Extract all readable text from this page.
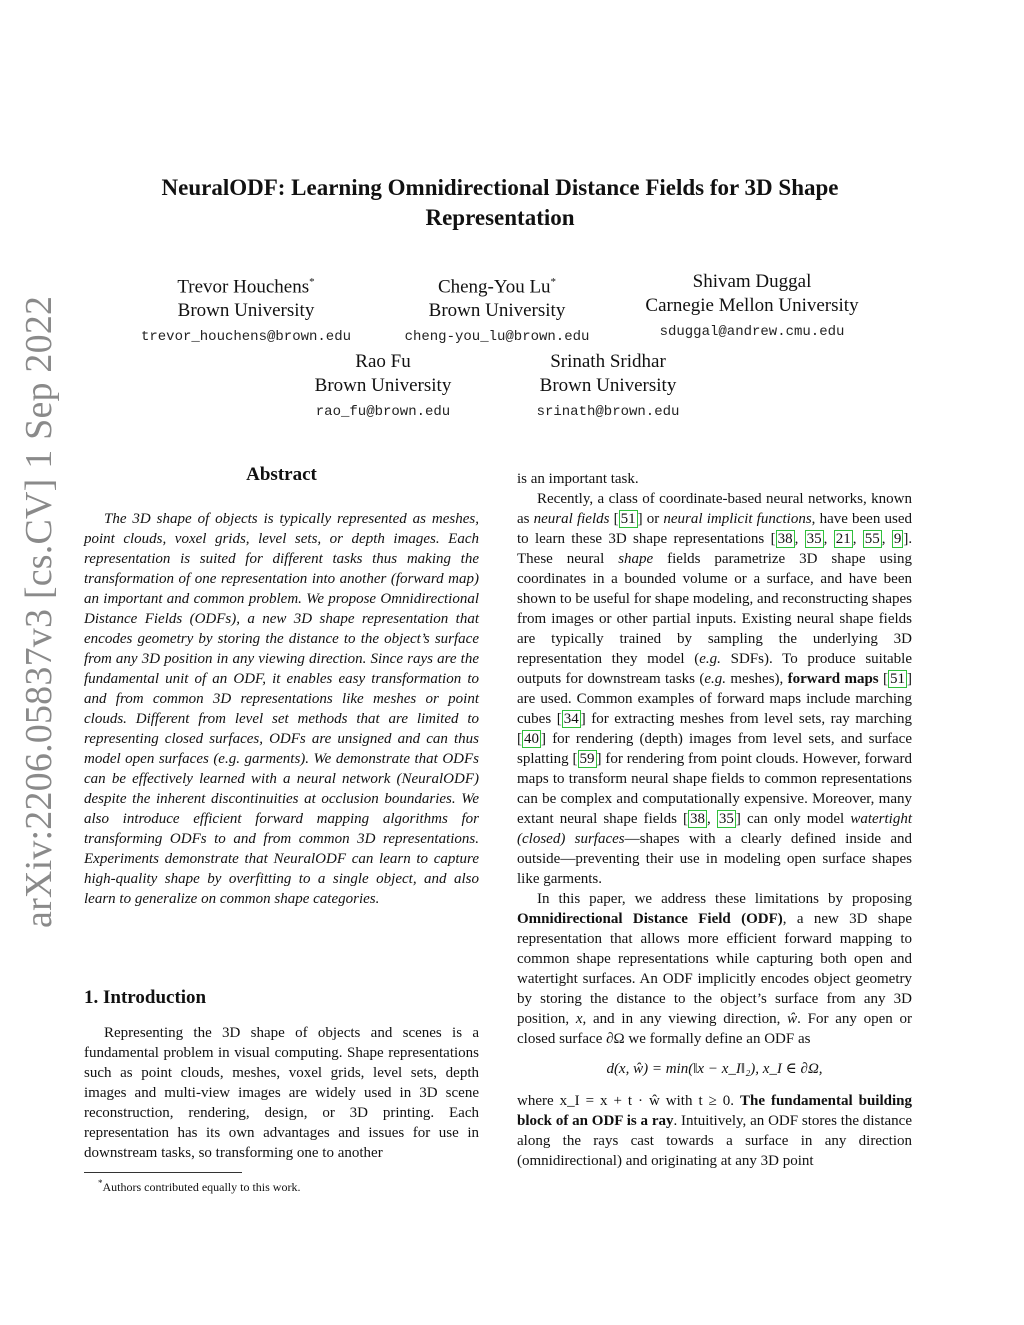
arXiv:2206.05837v3 [cs.CV] 1 Sep 2022
NeuralODF: Learning Omnidirectional Distance Fields for 3D Shape
Representation
Trevor Houchens*
Brown University
trevor_houchens@brown.edu
Cheng-You Lu*
Brown University
cheng-you_lu@brown.edu
Shivam Duggal
Carnegie Mellon University
sduggal@andrew.cmu.edu
Rao Fu
Brown University
rao_fu@brown.edu
Srinath Sridhar
Brown University
srinath@brown.edu
Abstract
The 3D shape of objects is typically represented as meshes, point clouds, voxel grids, level sets, or depth images. Each representation is suited for different tasks thus making the transformation of one representation into another (forward map) an important and common problem. We propose Omnidirectional Distance Fields (ODFs), a new 3D shape representation that encodes geometry by storing the distance to the object’s surface from any 3D position in any viewing direction. Since rays are the fundamental unit of an ODF, it enables easy transformation to and from common 3D representations like meshes or point clouds. Different from level set methods that are limited to representing closed surfaces, ODFs are unsigned and can thus model open surfaces (e.g. garments). We demonstrate that ODFs can be effectively learned with a neural network (NeuralODF) despite the inherent discontinuities at occlusion boundaries. We also introduce efficient forward mapping algorithms for transforming ODFs to and from common 3D representations. Experiments demonstrate that NeuralODF can learn to capture high-quality shape by overfitting to a single object, and also learn to generalize on common shape categories.
1. Introduction
Representing the 3D shape of objects and scenes is a fundamental problem in visual computing. Shape representations such as point clouds, meshes, voxel grids, level sets, depth images and multi-view images are widely used in 3D scene reconstruction, rendering, design, or 3D printing. Each representation has its own advantages and issues for use in downstream tasks, so transforming one to another
*Authors contributed equally to this work.

is an important task.

Recently, a class of coordinate-based neural networks, known as neural fields [ 51 ] or neural implicit functions, have been used to learn these 3D shape representations [ 38 , 35 , 21 , 55 , 9 ]. These neural shape fields parametrize 3D shape using coordinates in a bounded volume or a surface, and have been shown to be useful for shape modeling, and reconstructing shapes from images or other partial inputs. Existing neural shape fields are typically trained by sampling the underlying 3D representation they model (e.g. SDFs). To produce suitable outputs for downstream tasks (e.g. meshes), forward maps [ 51 ] are used. Common examples of forward maps include marching cubes [ 34 ] for extracting meshes from level sets, ray marching [ 40 ] for rendering (depth) images from level sets, and surface splatting [ 59 ] for rendering from point clouds. However, forward maps to transform neural shape fields to common representations can be complex and computationally expensive. Moreover, many extant neural shape fields [ 38 , 35 ] can only model watertight (closed) surfaces—shapes with a clearly defined inside and outside—preventing their use in modeling open surface shapes like garments.

In this paper, we address these limitations by proposing Omnidirectional Distance Field (ODF), a new 3D shape representation that allows more efficient forward mapping to common shape representations while capturing both open and watertight surfaces. An ODF implicitly encodes object geometry by storing the distance to the object’s surface from any 3D position, x, and in any viewing direction, ŵ. For any open or closed surface ∂Ω we formally define an ODF as

d(x, ŵ) = min(‖x − x_I‖₂), x_I ∈ ∂Ω,

where x_I = x + t · ŵ with t ≥ 0. The fundamental building block of an ODF is a ray. Intuitively, an ODF stores the distance along the rays cast towards a surface in any direction (omnidirectional) and originating at any 3D point
